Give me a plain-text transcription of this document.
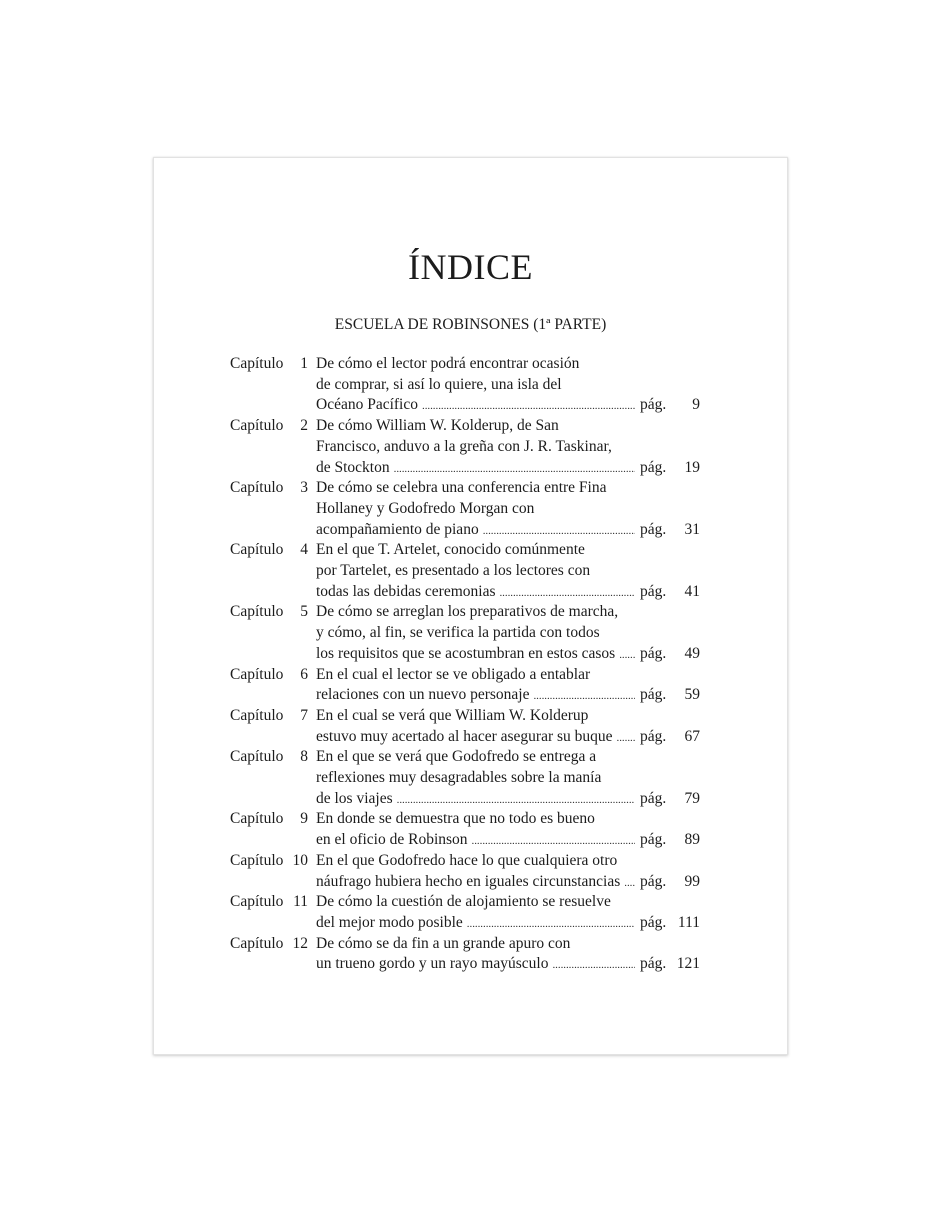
ÍNDICE
ESCUELA DE ROBINSONES (1ª PARTE)
Capítulo	1 De cómo el lector podrá encontrar ocasión
de comprar, si así lo quiere, una isla del
Océano Pacífico . . .	pág.	9
Capítulo	2 De cómo William W. Kolderup, de San
Francisco, anduvo a la greña con J. R. Taskinar,
de Stockton . . .	pág.	19
Capítulo	3 De cómo se celebra una conferencia entre Fina
Hollaney y Godofredo Morgan con
acompañamiento de piano . . .	pág.	31
Capítulo	4 En el que T. Artelet, conocido comúnmente
por Tartelet, es presentado a los lectores con
todas las debidas ceremonias . . .	pág.	41
Capítulo	5 De cómo se arreglan los preparativos de marcha,
y cómo, al fin, se verifica la partida con todos
los requisitos que se acostumbran en estos casos . . . pág.	49
Capítulo	6 En el cual el lector se ve obligado a entablar
relaciones con un nuevo personaje . . .	pág.	59
Capítulo	7 En el cual se verá que William W. Kolderup
estuvo muy acertado al hacer asegurar su buque . . . pág.	67
Capítulo	8 En el que se verá que Godofredo se entrega a
reflexiones muy desagradables sobre la manía
de los viajes . . .	pág.	79
Capítulo	9 En donde se demuestra que no todo es bueno
en el oficio de Robinson . . .	pág.	89
Capítulo 10 En el que Godofredo hace lo que cualquiera otro
náufrago hubiera hecho en iguales circunstancias . . . pág.	99
Capítulo 11 De cómo la cuestión de alojamiento se resuelve
del mejor modo posible . . .	pág. 111
Capítulo 12 De cómo se da fin a un grande apuro con
un trueno gordo y un rayo mayúsculo . . .	pág. 121
